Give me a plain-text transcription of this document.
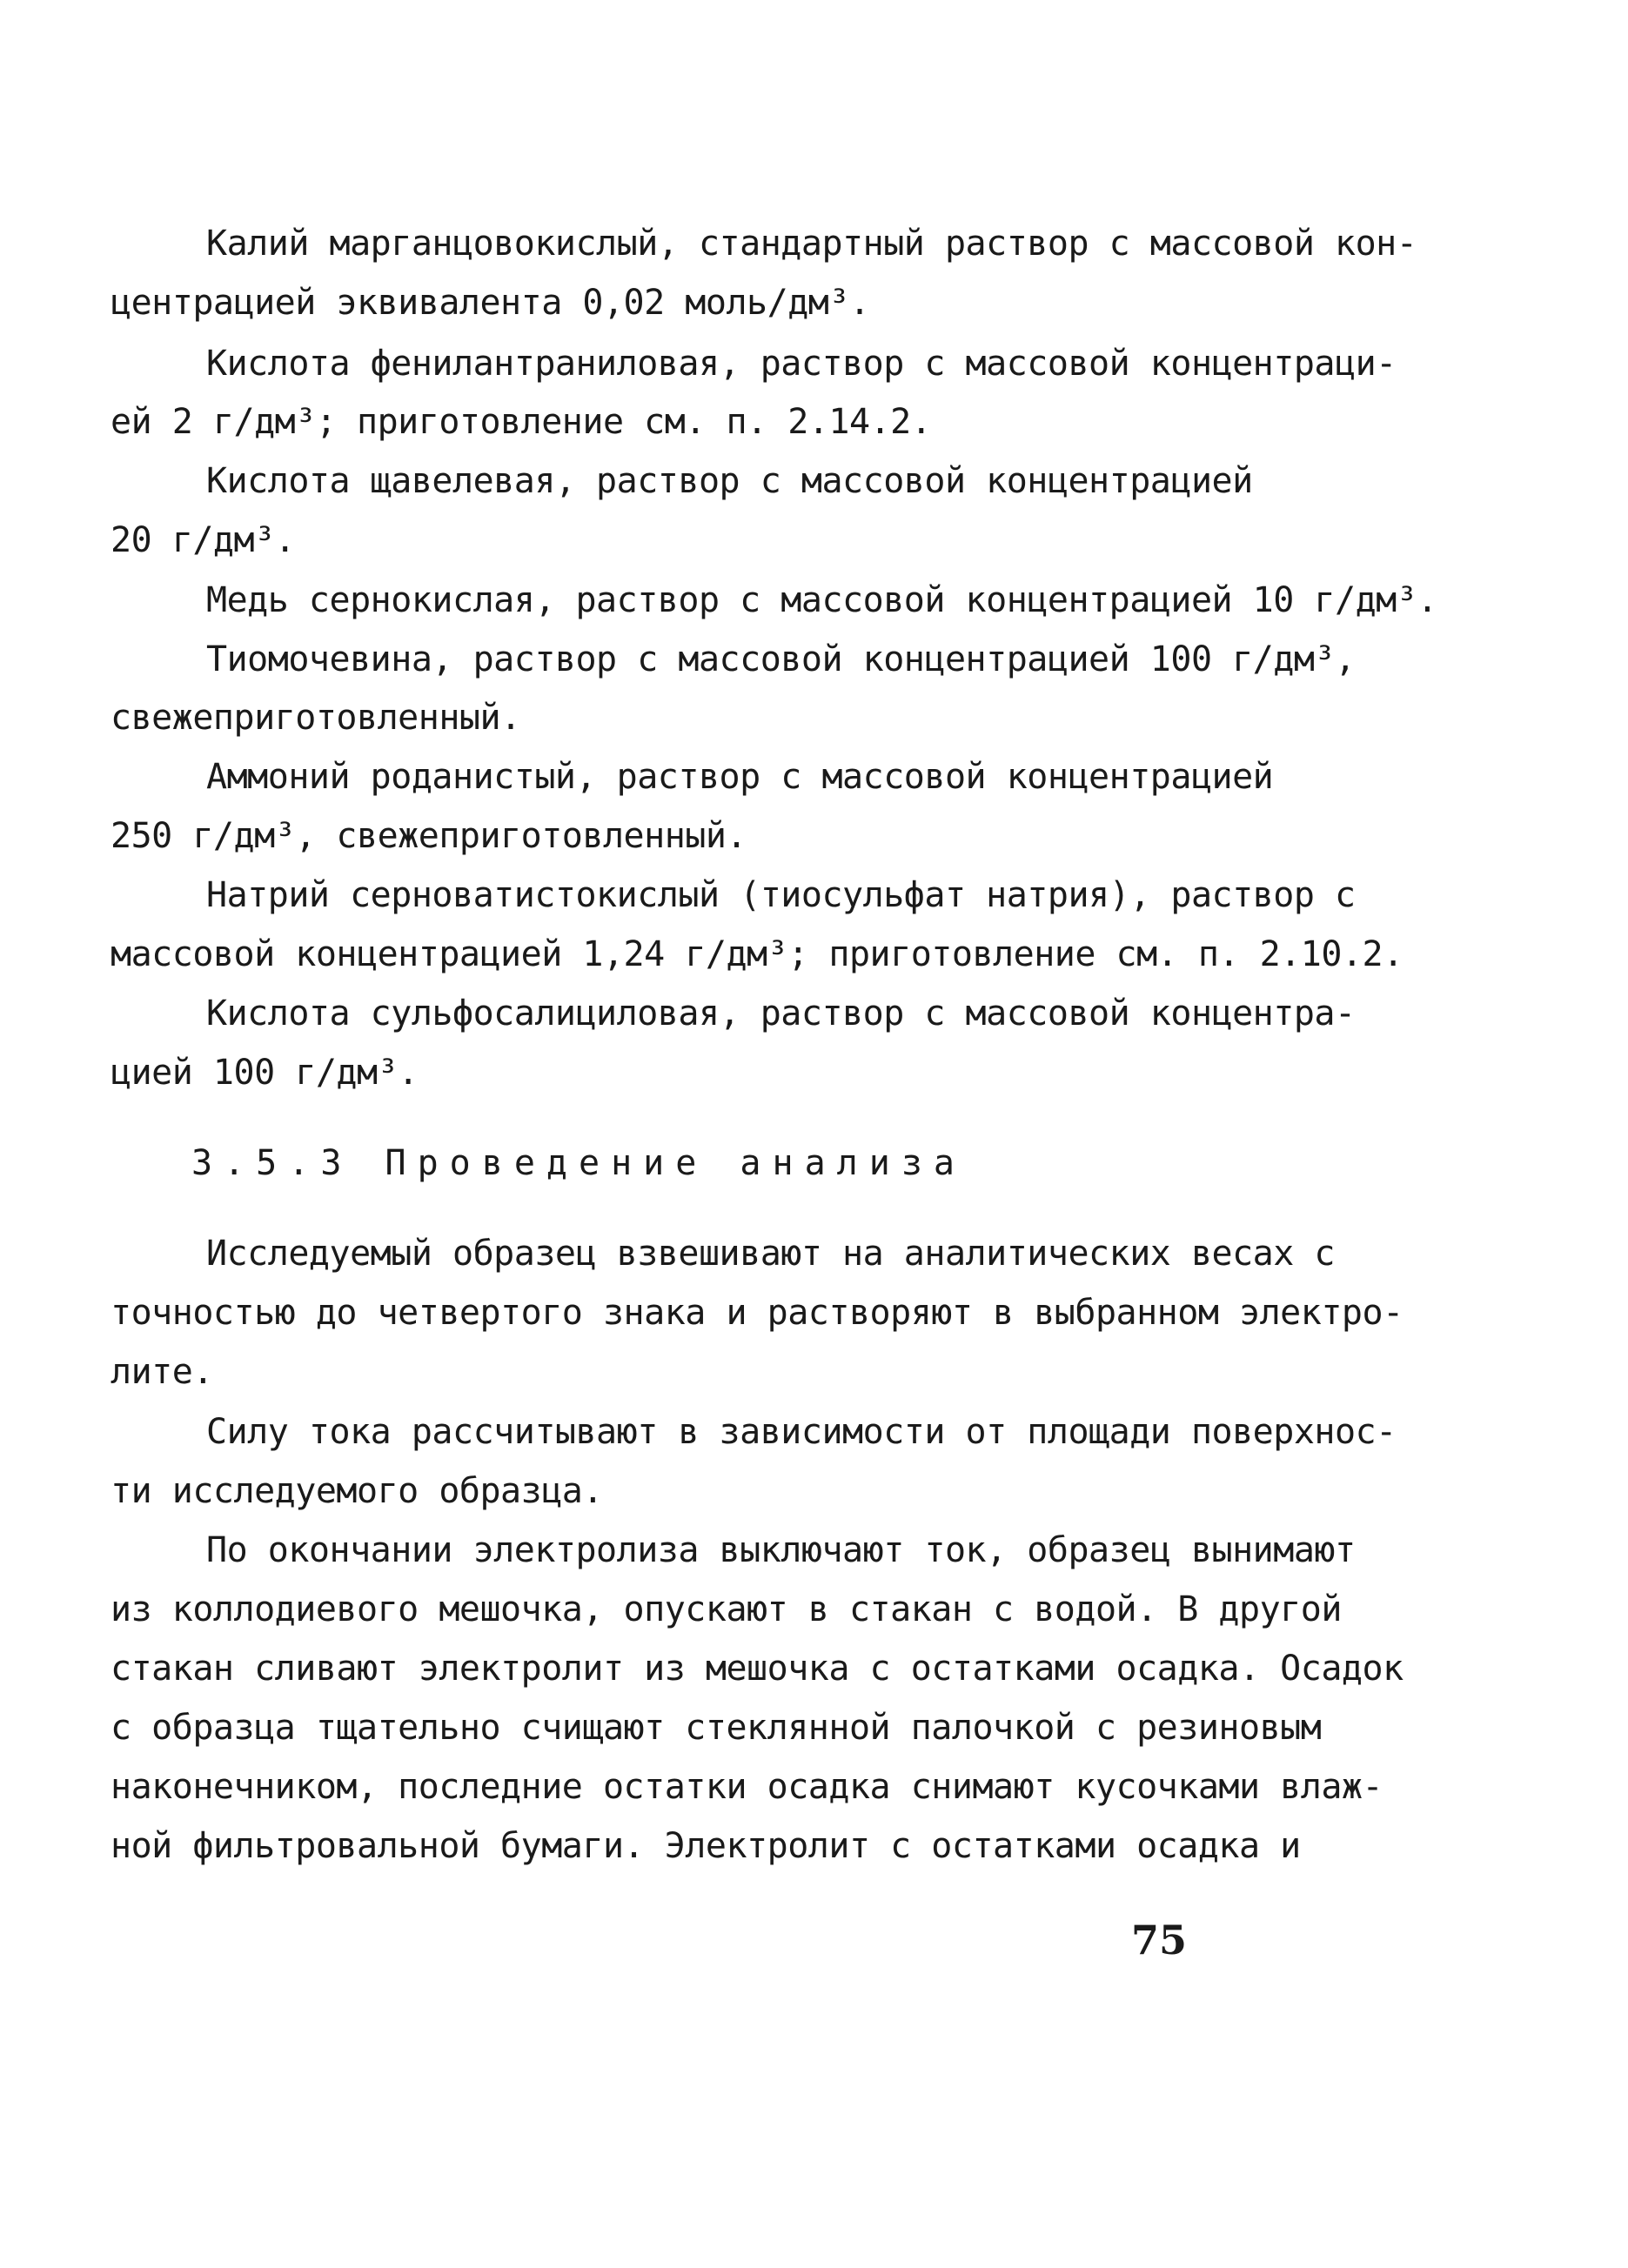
Калий марганцовокислый, стандартный раствор с массовой кон-
центрацией эквивалента 0,02 моль/дм³.
Кислота фенилантраниловая, раствор с массовой концентраци-
ей 2 г/дм³; приготовление см. п. 2.14.2.
Кислота щавелевая, раствор с массовой концентрацией
20 г/дм³.
Медь сернокислая, раствор с массовой концентрацией 10 г/дм³.
Тиомочевина, раствор с массовой концентрацией 100 г/дм³,
свежеприготовленный.
Аммоний роданистый, раствор с массовой концентрацией
250 г/дм³, свежеприготовленный.
Натрий серноватистокислый (тиосульфат натрия), раствор с
массовой концентрацией 1,24 г/дм³; приготовление см. п. 2.10.2.
Кислота сульфосалициловая, раствор с массовой концентра-
цией 100 г/дм³.
3.5.3 Проведение анализа
Исследуемый образец взвешивают на аналитических весах с
точностью до четвертого знака и растворяют в выбранном электро-
лите.
Силу тока рассчитывают в зависимости от площади поверхнос-
ти исследуемого образца.
По окончании электролиза выключают ток, образец вынимают
из коллодиевого мешочка, опускают в стакан с водой. В другой
стакан сливают электролит из мешочка с остатками осадка. Осадок
с образца тщательно счищают стеклянной палочкой с резиновым
наконечником, последние остатки осадка снимают кусочками влаж-
ной фильтровальной бумаги. Электролит с остатками осадка и
75
